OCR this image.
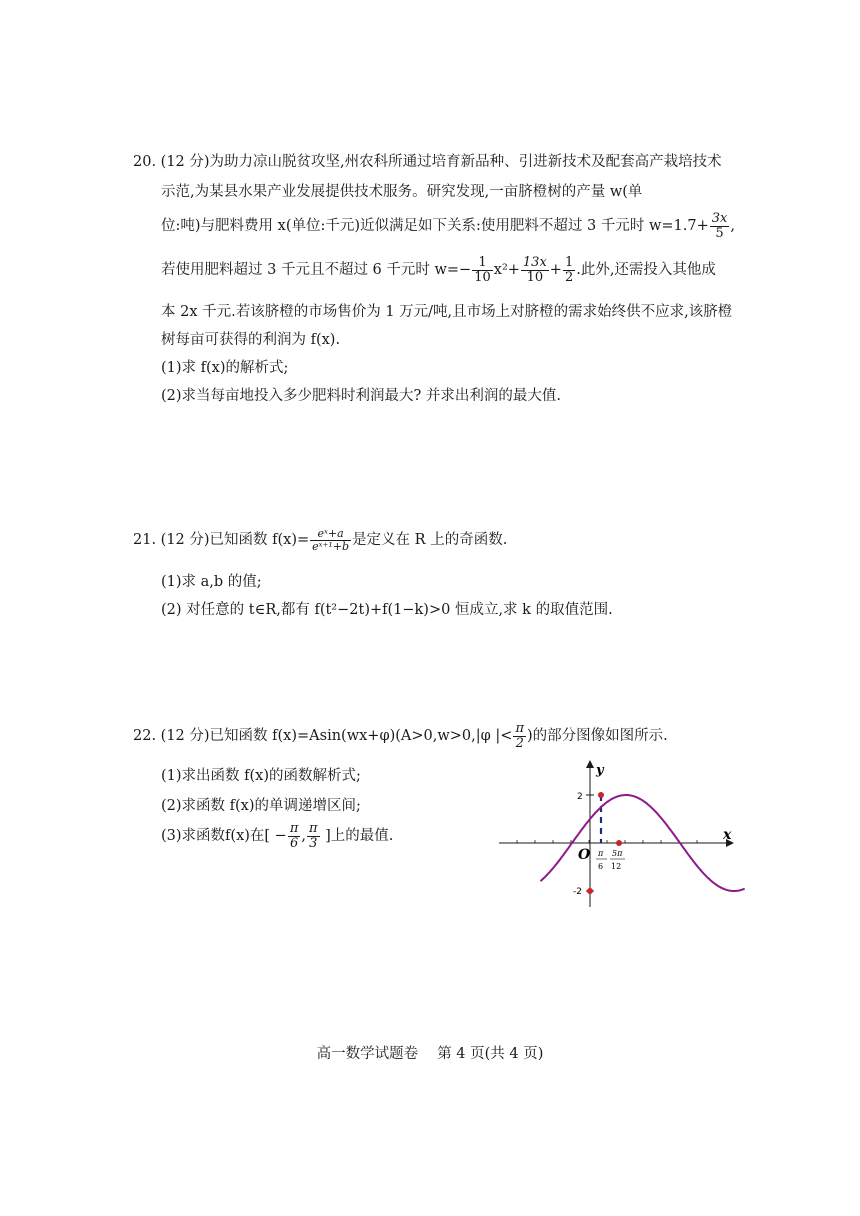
20. (12 分)为助力凉山脱贫攻坚,州农科所通过培育新品种、引进新技术及配套高产栽培技术
示范,为某县水果产业发展提供技术服务。研究发现,一亩脐橙树的产量 w(单
位:吨)与肥料费用 x(单位:千元)近似满足如下关系:使用肥料不超过 3 千元时 $w=1.7+ \frac{3x}{5}$ ,
若使用肥料超过 3 千元且不超过 6 千元时 $w=- \frac{1}{10} x^2+ \frac{13x}{10} + \frac{1}{2}$ .此外,还需投入其他成
本 2x 千元.若该脐橙的市场售价为 1 万元/吨,且市场上对脐橙的需求始终供不应求,该脐橙
树每亩可获得的利润为 f(x).
(1)求 f(x)的解析式;
(2)求当每亩地投入多少肥料时利润最大? 并求出利润的最大值.
21. (12 分)已知函数 $f(x)= \frac{\text{eˣ+a}}{\text{eˣ⁺¹+b}}$ 是定义在 R 上的奇函数.
(1)求 a,b 的值;
(2) 对任意的 t∈R,都有 f(t²−2t)+f(1−k)>0 恒成立,求 k 的取值范围.
22. (12 分)已知函数 f(x)=Asin(wx+φ)(A>0,w>0,|φ |< $\frac{\pi}{2}$ )的部分图像如图所示.
(1)求出函数 f(x)的函数解析式;
(2)求函数 f(x)的单调递增区间;
(3)求函数f(x)在[ − $\frac{\pi}{6}$ , $\frac{\pi}{3}$ ]上的最值.
y
x
O
2
-2
π
6
5π
12
高一数学试题卷　 第 4 页(共 4 页)
